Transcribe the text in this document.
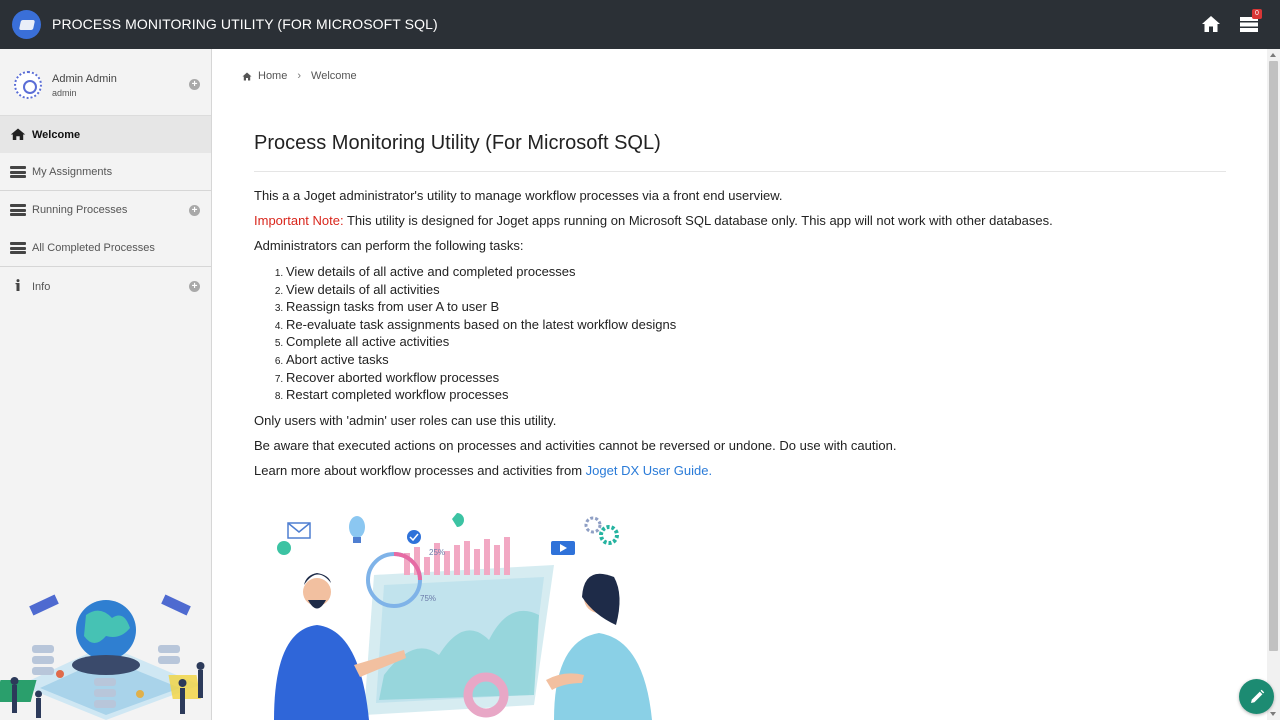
PROCESS MONITORING UTILITY (FOR MICROSOFT SQL)
0
Admin Admin
admin
+
Welcome
My Assignments
Running Processes	+
All Completed Processes
Info	+
Home › Welcome
Process Monitoring Utility (For Microsoft SQL)

This a a Joget administrator's utility to manage workflow processes via a front end userview.

Important Note: This utility is designed for Joget apps running on Microsoft SQL database only. This app will not work with other databases.

Administrators can perform the following tasks:

1. View details of all active and completed processes
2. View details of all activities
3. Reassign tasks from user A to user B
4. Re-evaluate task assignments based on the latest workflow designs
5. Complete all active activities
6. Abort active tasks
7. Recover aborted workflow processes
8. Restart completed workflow processes

Only users with 'admin' user roles can use this utility.

Be aware that executed actions on processes and activities cannot be reversed or undone. Do use with caution.

Learn more about workflow processes and activities from Joget DX User Guide.

25%
75%
